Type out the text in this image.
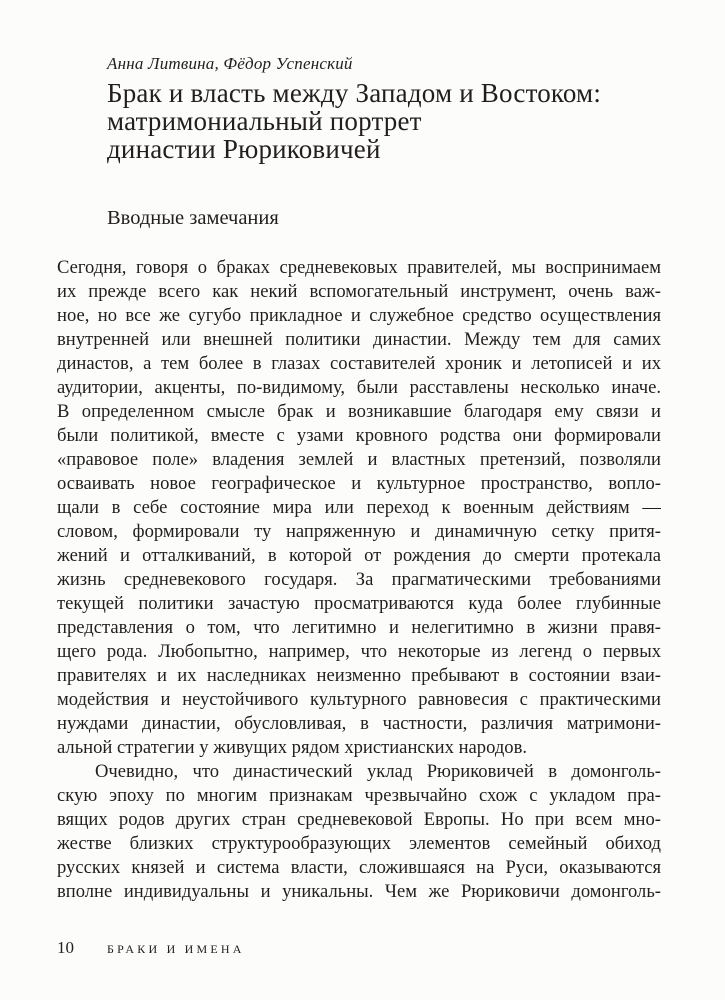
Анна Литвина, Фёдор Успенский
Брак и власть между Западом и Востоком:
матримониальный портрет
династии Рюриковичей
Вводные замечания
Сегодня, говоря о браках средневековых правителей, мы воспринимаем
их прежде всего как некий вспомогательный инструмент, очень важ-
ное, но все же сугубо прикладное и служебное средство осуществления
внутренней или внешней политики династии. Между тем для самих
династов, а тем более в глазах составителей хроник и летописей и их
аудитории, акценты, по-видимому, были расставлены несколько иначе.
В определенном смысле брак и возникавшие благодаря ему связи и
были политикой, вместе с узами кровного родства они формировали
«правовое поле» владения землей и властных претензий, позволяли
осваивать новое географическое и культурное пространство, вопло-
щали в себе состояние мира или переход к военным действиям —
словом, формировали ту напряженную и динамичную сетку притя-
жений и отталкиваний, в которой от рождения до смерти протекала
жизнь средневекового государя. За прагматическими требованиями
текущей политики зачастую просматриваются куда более глубинные
представления о том, что легитимно и нелегитимно в жизни правя-
щего рода. Любопытно, например, что некоторые из легенд о первых
правителях и их наследниках неизменно пребывают в состоянии взаи-
модействия и неустойчивого культурного равновесия с практическими
нуждами династии, обусловливая, в частности, различия матримони-
альной стратегии у живущих рядом христианских народов.
Очевидно, что династический уклад Рюриковичей в домонголь-
скую эпоху по многим признакам чрезвычайно схож с укладом пра-
вящих родов других стран средневековой Европы. Но при всем мно-
жестве близких структурообразующих элементов семейный обиход
русских князей и система власти, сложившаяся на Руси, оказываются
вполне индивидуальны и уникальны. Чем же Рюриковичи домонголь-
10	БРАКИ И ИМЕНА
